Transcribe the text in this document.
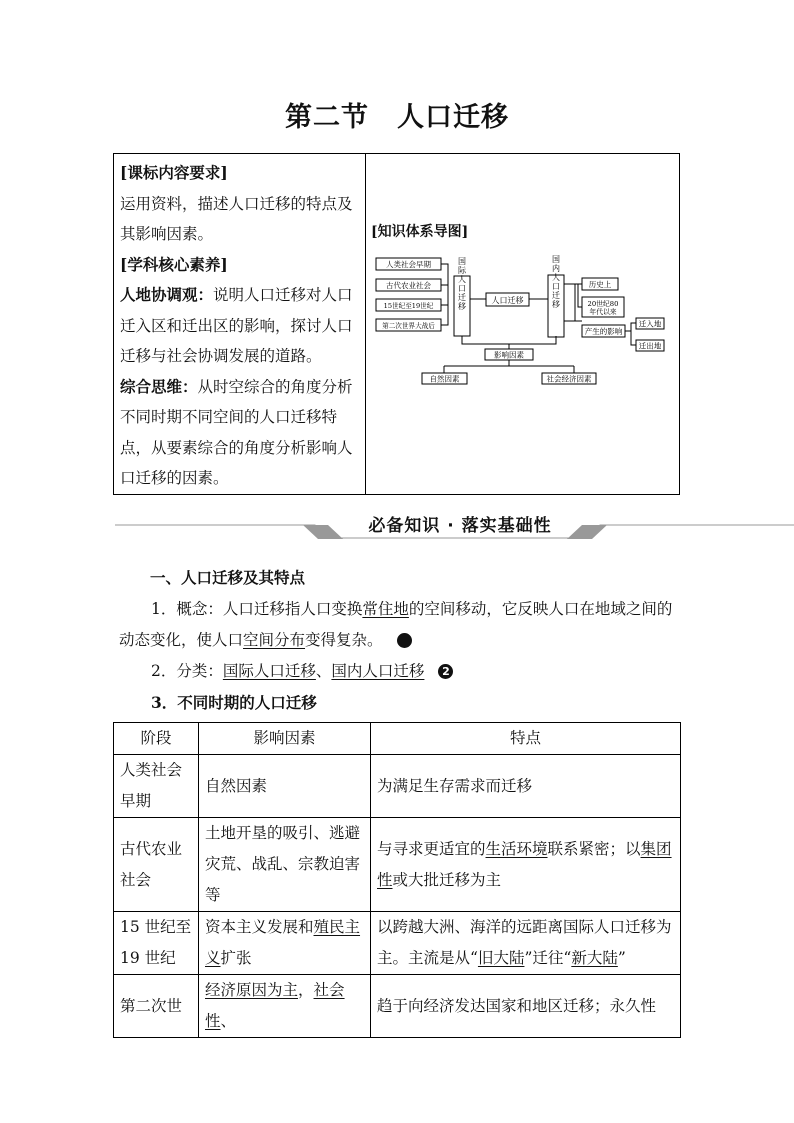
第二节　人口迁移
[课标内容要求]
运用资料，描述人口迁移的特点及其影响因素。
[学科核心素养]
人地协调观：说明人口迁移对人口迁入区和迁出区的影响，探讨人口迁移与社会协调发展的道路。
综合思维：从时空综合的角度分析不同时期不同空间的人口迁移特点，从要素综合的角度分析影响人口迁移的因素。
[知识体系导图]
人类社会早期
古代农业社会
15世纪至19世纪
第二次世界大战后
国际人口迁移	人口迁移	国内人口迁移	历史上
20世纪80
年代以来
产生的影响
迁入地
迁出地
影响因素
自然因素	社会经济因素
必备知识 · 落实基础性
一、人口迁移及其特点
1．概念：人口迁移指人口变换常住地的空间移动，它反映人口在地域之间的动态变化，使人口空间分布变得复杂。	1
2．分类：国际人口迁移、国内人口迁移 2
3．不同时期的人口迁移
阶段	影响因素	特点
人类社会早期	自然因素	为满足生存需求而迁移
古代农业社会	土地开垦的吸引、逃避灾荒、战乱、宗教迫害等	与寻求更适宜的生活环境联系紧密；以集团性或大批迁移为主
15 世纪至 19 世纪	资本主义发展和殖民主义扩张	以跨越大洲、海洋的远距离国际人口迁移为主。主流是从“旧大陆”迁往“新大陆”
第二次世	经济原因为主，社会性、	趋于向经济发达国家和地区迁移；永久性
